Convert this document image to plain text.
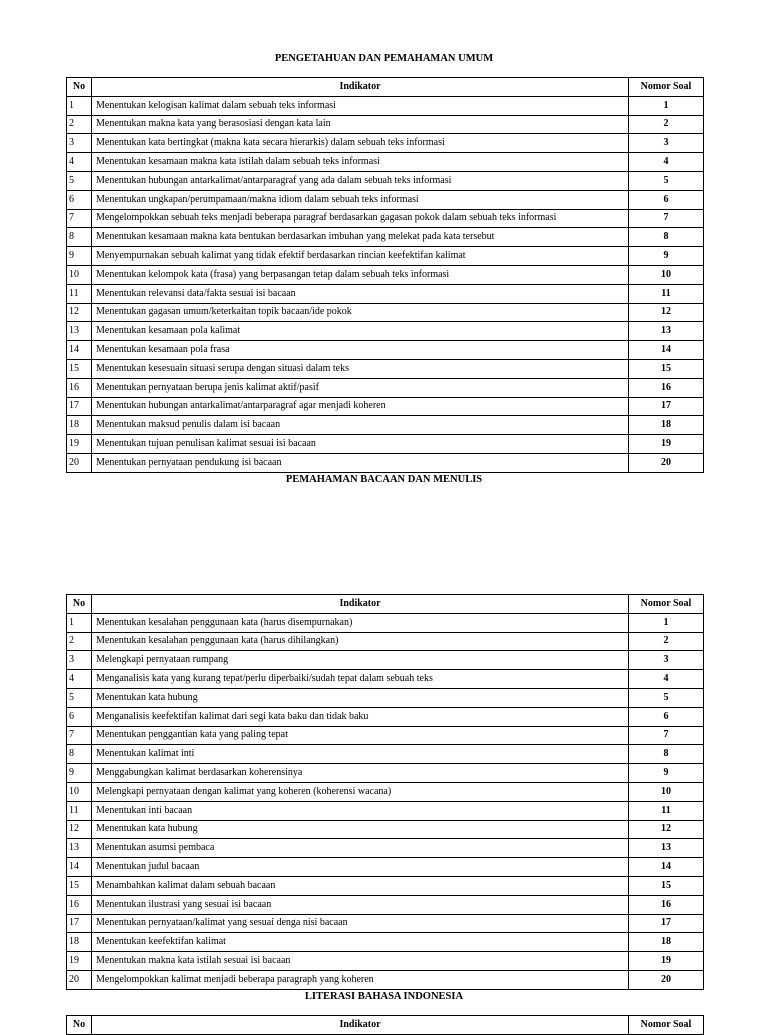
PENGETAHUAN DAN PEMAHAMAN UMUM
No	Indikator	Nomor Soal
1	Menentukan kelogisan kalimat dalam sebuah teks informasi	1
2	Menentukan makna kata yang berasosiasi dengan kata lain	2
3	Menentukan kata bertingkat (makna kata secara hierarkis) dalam sebuah teks informasi	3
4	Menentukan kesamaan makna kata istilah dalam sebuah teks informasi	4
5	Menentukan hubungan antarkalimat/antarparagraf yang ada dalam sebuah teks informasi	5
6	Menentukan ungkapan/perumpamaan/makna idiom dalam sebuah teks informasi	6
7	Mengelompokkan sebuah teks menjadi beberapa paragraf berdasarkan gagasan pokok dalam sebuah teks informasi	7
8	Menentukan kesamaan makna kata bentukan berdasarkan imbuhan yang melekat pada kata tersebut	8
9	Menyempurnakan sebuah kalimat yang tidak efektif berdasarkan rincian keefektifan kalimat	9
10	Menentukan kelompok kata (frasa) yang berpasangan tetap dalam sebuah teks informasi	10
11	Menentukan relevansi data/fakta sesuai isi bacaan	11
12	Menentukan gagasan umum/keterkaitan topik bacaan/ide pokok	12
13	Menentukan kesamaan pola kalimat	13
14	Menentukan kesamaan pola frasa	14
15	Menentukan kesesuain situasi serupa dengan situasi dalam teks	15
16	Menentukan pernyataan berupa jenis kalimat aktif/pasif	16
17	Menentukan hubungan antarkalimat/antarparagraf agar menjadi koheren	17
18	Menentukan maksud penulis dalam isi bacaan	18
19	Menentukan tujuan penulisan kalimat sesuai isi bacaan	19
20	Menentukan pernyataan pendukung isi bacaan	20
PEMAHAMAN BACAAN DAN MENULIS
No	Indikator	Nomor Soal
1	Menentukan kesalahan penggunaan kata (harus disempurnakan)	1
2	Menentukan kesalahan penggunaan kata (harus dihilangkan)	2
3	Melengkapi pernyataan rumpang	3
4	Menganalisis kata yang kurang tepat/perlu diperbaiki/sudah tepat dalam sebuah teks	4
5	Menentukan kata hubung	5
6	Menganalisis keefektifan kalimat dari segi kata baku dan tidak baku	6
7	Menentukan penggantian kata yang paling tepat	7
8	Menentukan kalimat inti	8
9	Menggabungkan kalimat berdasarkan koherensinya	9
10	Melengkapi pernyataan dengan kalimat yang koheren (koherensi wacana)	10
11	Menentukan inti bacaan	11
12	Menentukan kata hubung	12
13	Menentukan asumsi pembaca	13
14	Menentukan judul bacaan	14
15	Menambahkan kalimat dalam sebuah bacaan	15
16	Menentukan ilustrasi yang sesuai isi bacaan	16
17	Menentukan pernyataan/kalimat yang sesuai denga nisi bacaan	17
18	Menentukan keefektifan kalimat	18
19	Menentukan makna kata istilah sesuai isi bacaan	19
20	Mengelompokkan kalimat menjadi beberapa paragraph yang koheren	20
LITERASI BAHASA INDONESIA
No	Indikator	Nomor Soal
